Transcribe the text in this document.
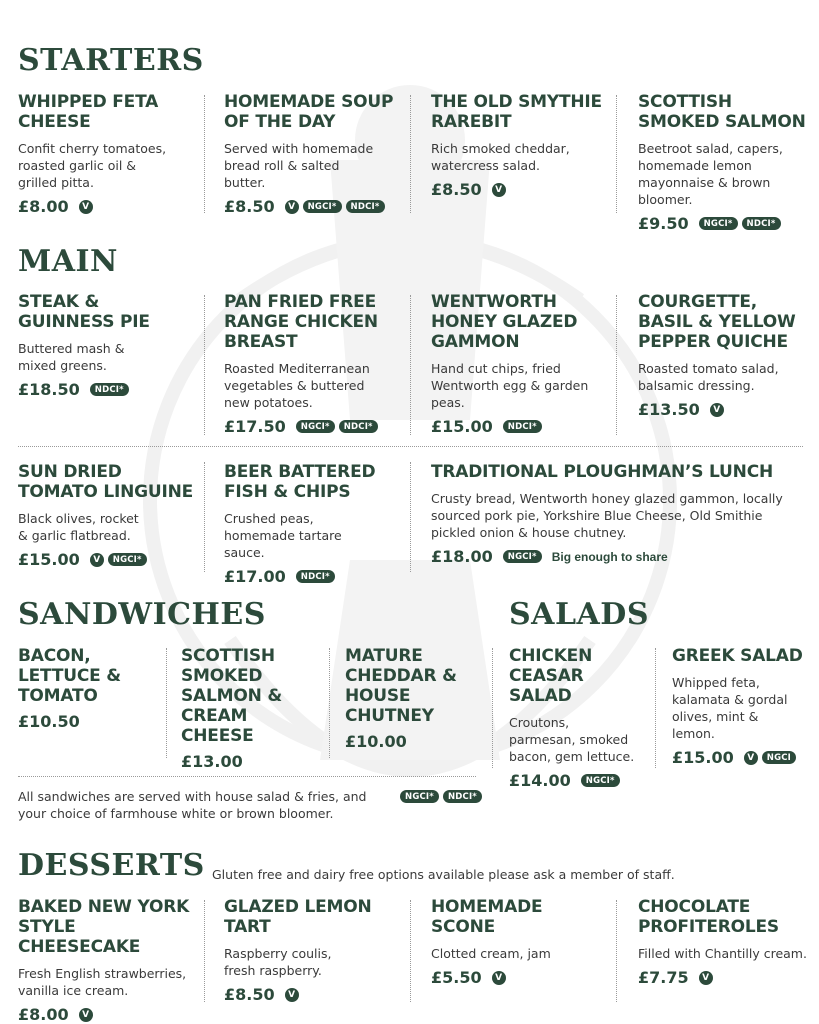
STARTERS
WHIPPED FETA CHEESE
Confit cherry tomatoes, roasted garlic oil & grilled pitta.
£8.00	V
HOMEMADE SOUP OF THE DAY
Served with homemade bread roll & salted butter.
£8.50	V	NGCI*	NDCI*
THE OLD SMYTHIE RAREBIT
Rich smoked cheddar, watercress salad.
£8.50	V
SCOTTISH SMOKED SALMON
Beetroot salad, capers, homemade lemon mayonnaise & brown bloomer.
£9.50	NGCI*	NDCI*
MAIN
STEAK & GUINNESS PIE
Buttered mash & mixed greens.
£18.50	NDCI*
PAN FRIED FREE RANGE CHICKEN BREAST
Roasted Mediterranean vegetables & buttered new potatoes.
£17.50	NGCI*	NDCI*
WENTWORTH HONEY GLAZED GAMMON
Hand cut chips, fried Wentworth egg & garden peas.
£15.00	NDCI*
COURGETTE, BASIL & YELLOW PEPPER QUICHE
Roasted tomato salad, balsamic dressing.
£13.50	V
SUN DRIED TOMATO LINGUINE
Black olives, rocket & garlic flatbread.
£15.00	V	NGCI*
BEER BATTERED FISH & CHIPS
Crushed peas, homemade tartare sauce.
£17.00	NDCI*
TRADITIONAL PLOUGHMAN’S LUNCH
Crusty bread, Wentworth honey glazed gammon, locally sourced pork pie, Yorkshire Blue Cheese, Old Smithie pickled onion & house chutney.
£18.00	NGCI*	Big enough to share
SANDWICHES
BACON, LETTUCE & TOMATO
£10.50
SCOTTISH SMOKED SALMON & CREAM CHEESE
£13.00
MATURE CHEDDAR & HOUSE CHUTNEY
£10.00
All sandwiches are served with house salad & fries, and your choice of farmhouse white or brown bloomer.
NGCI*	NDCI*
SALADS
CHICKEN CEASAR SALAD
Croutons, parmesan, smoked bacon, gem lettuce.
£14.00	NGCI*
GREEK SALAD
Whipped feta, kalamata & gordal olives, mint & lemon.
£15.00	V	NGCI
DESSERTS Gluten free and dairy free options available please ask a member of staff.
BAKED NEW YORK STYLE CHEESECAKE
Fresh English strawberries, vanilla ice cream.
£8.00	V
GLAZED LEMON TART
Raspberry coulis, fresh raspberry.
£8.50	V
HOMEMADE SCONE
Clotted cream, jam
£5.50	V
CHOCOLATE PROFITEROLES
Filled with Chantilly cream.
£7.75	V
